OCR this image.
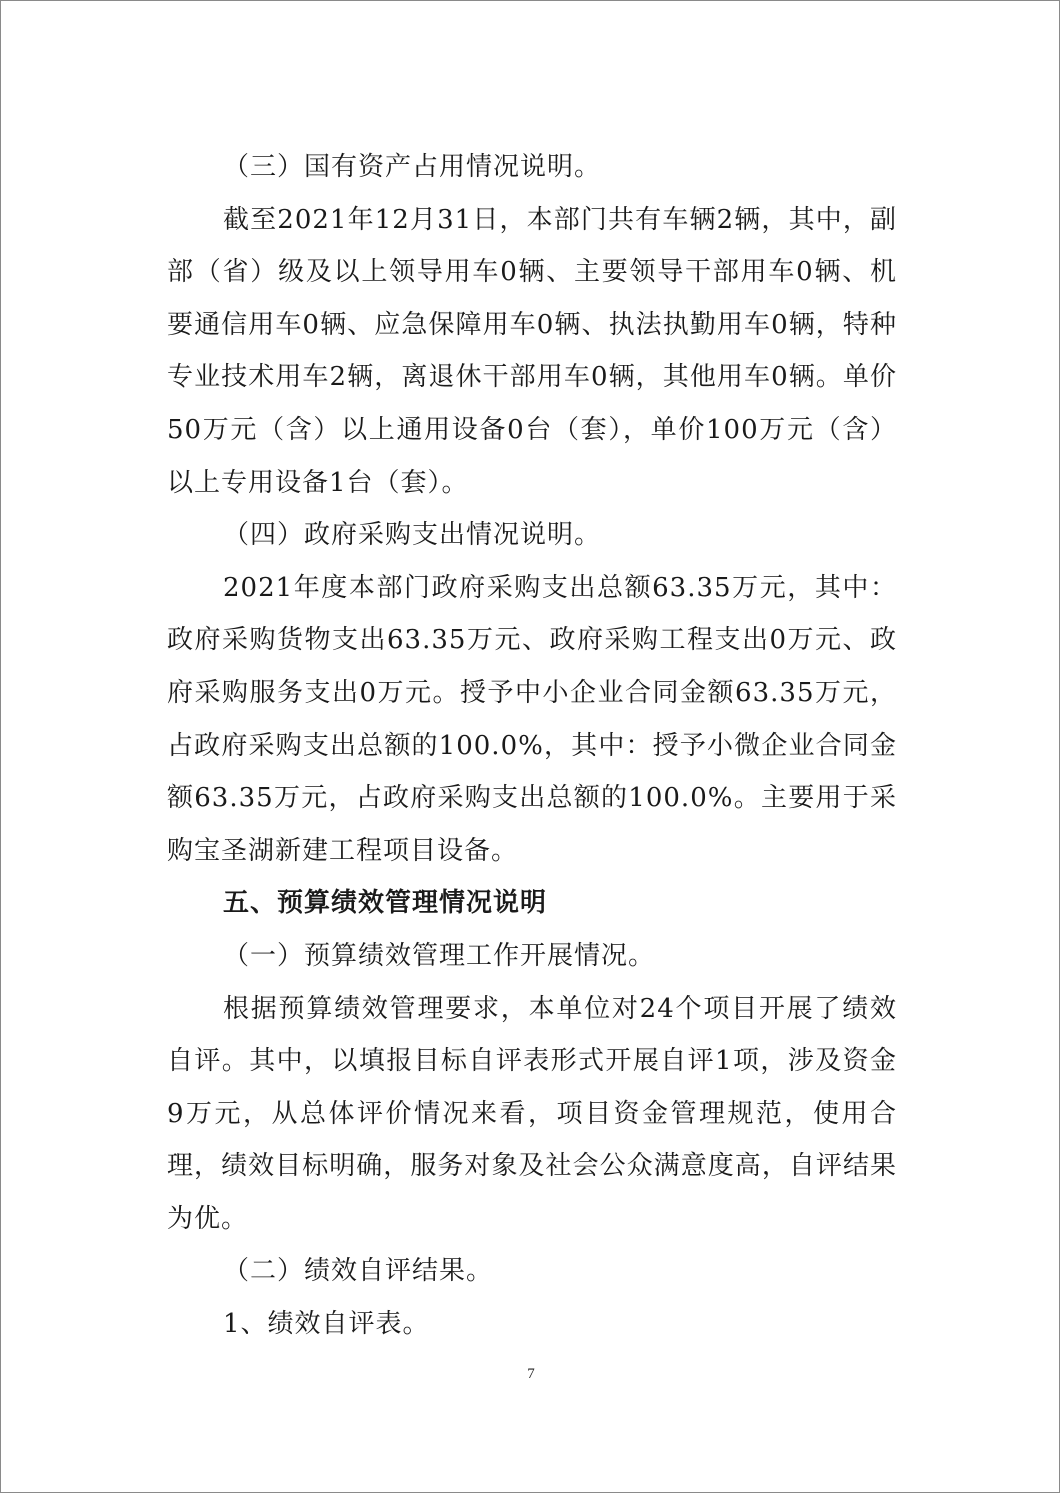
（三）国有资产占用情况说明。

截至2021年12月31日，本部门共有车辆2辆，其中，副部（省）级及以上领导用车0辆、主要领导干部用车0辆、机要通信用车0辆、应急保障用车0辆、执法执勤用车0辆，特种专业技术用车2辆，离退休干部用车0辆，其他用车0辆。单价50万元（含）以上通用设备0台（套），单价100万元（含）以上专用设备1台（套）。

（四）政府采购支出情况说明。

2021年度本部门政府采购支出总额63.35万元，其中：政府采购货物支出63.35万元、政府采购工程支出0万元、政府采购服务支出0万元。授予中小企业合同金额63.35万元，占政府采购支出总额的100.0%，其中：授予小微企业合同金额63.35万元，占政府采购支出总额的100.0%。主要用于采购宝圣湖新建工程项目设备。

五、预算绩效管理情况说明

（一）预算绩效管理工作开展情况。

根据预算绩效管理要求，本单位对24个项目开展了绩效自评。其中，以填报目标自评表形式开展自评1项，涉及资金9万元，从总体评价情况来看，项目资金管理规范，使用合理，绩效目标明确，服务对象及社会公众满意度高，自评结果为优。

（二）绩效自评结果。

1、绩效自评表。

7
